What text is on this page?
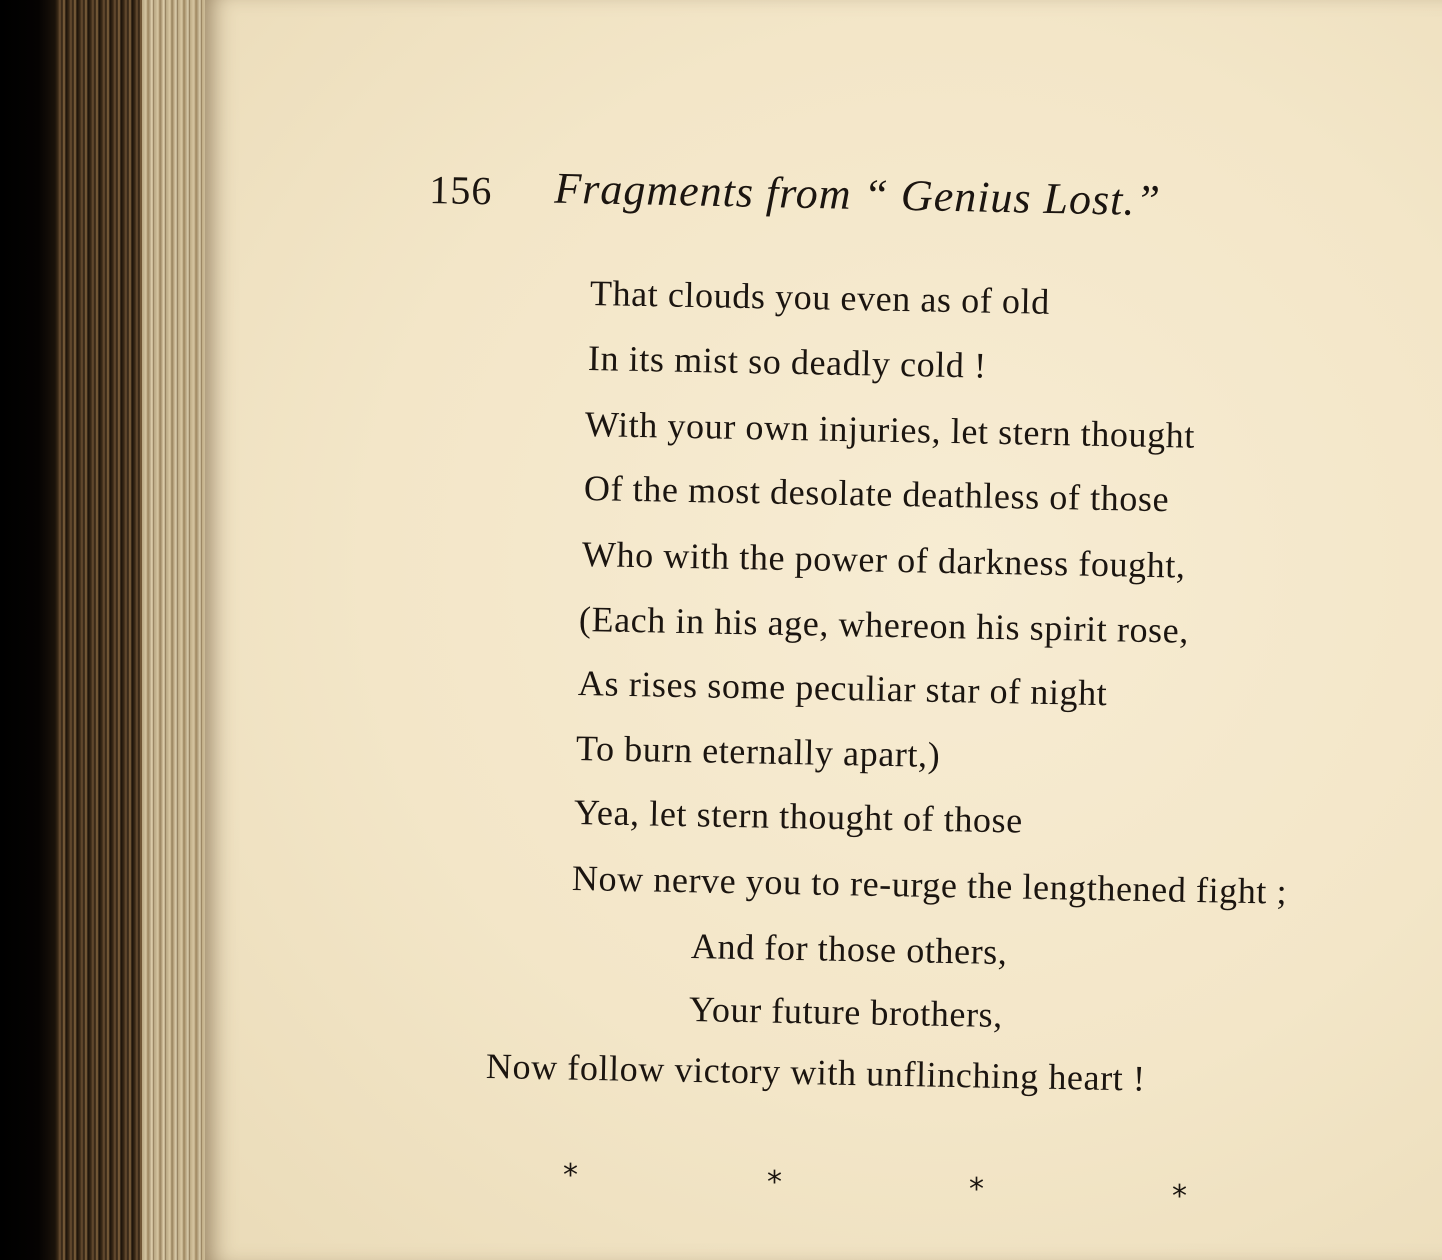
156 Fragments from “ Genius Lost.”
That clouds you even as of old
In its mist so deadly cold !
With your own injuries, let stern thought
Of the most desolate deathless of those
Who with the power of darkness fought,
(Each in his age, whereon his spirit rose,
As rises some peculiar star of night
To burn eternally apart,)
Yea, let stern thought of those
Now nerve you to re-urge the lengthened fight ;
And for those others,
Your future brothers,
Now follow victory with unflinching heart !
*	*	*	*
